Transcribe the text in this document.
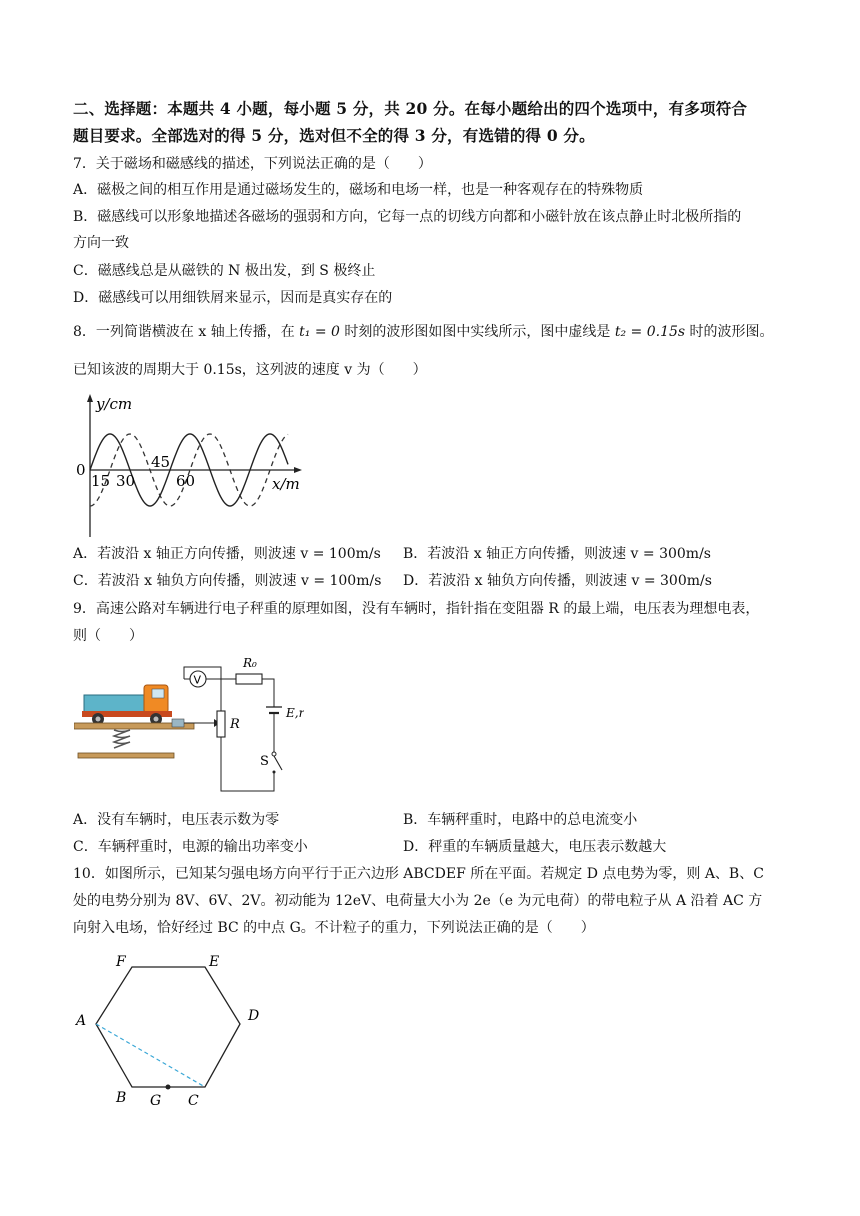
二、选择题：本题共 4 小题，每小题 5 分，共 20 分。在每小题给出的四个选项中，有多项符合
题目要求。全部选对的得 5 分，选对但不全的得 3 分，有选错的得 0 分。
7．关于磁场和磁感线的描述，下列说法正确的是（　　）
A．磁极之间的相互作用是通过磁场发生的，磁场和电场一样，也是一种客观存在的特殊物质
B．磁感线可以形象地描述各磁场的强弱和方向，它每一点的切线方向都和小磁针放在该点静止时北极所指的
方向一致
C．磁感线总是从磁铁的 N 极出发，到 S 极终止
D．磁感线可以用细铁屑来显示，因而是真实存在的
8．一列简谐横波在 x 轴上传播，在 t₁ = 0 时刻的波形图如图中实线所示，图中虚线是 t₂ = 0.15s 时的波形图。
已知该波的周期大于 0.15s，这列波的速度 v 为（　　）
y/cm
0
15 30
45
60	x/m
A．若波沿 x 轴正方向传播，则波速 v = 100m/s B．若波沿 x 轴正方向传播，则波速 v = 300m/s
C．若波沿 x 轴负方向传播，则波速 v = 100m/s D．若波沿 x 轴负方向传播，则波速 v = 300m/s
9．高速公路对车辆进行电子秤重的原理如图，没有车辆时，指针指在变阻器 R 的最上端，电压表为理想电表，
则（　　）
R
V
R₀
E,r
S
A．没有车辆时，电压表示数为零	B．车辆秤重时，电路中的总电流变小
C．车辆秤重时，电源的输出功率变小	D．秤重的车辆质量越大，电压表示数越大
10．如图所示，已知某匀强电场方向平行于正六边形 ABCDEF 所在平面。若规定 D 点电势为零，则 A、B、C
处的电势分别为 8V、6V、2V。初动能为 12eV、电荷量大小为 2e（e 为元电荷）的带电粒子从 A 沿着 AC 方
向射入电场，恰好经过 BC 的中点 G。不计粒子的重力，下列说法正确的是（　　）
F	E
A	D
B G C
